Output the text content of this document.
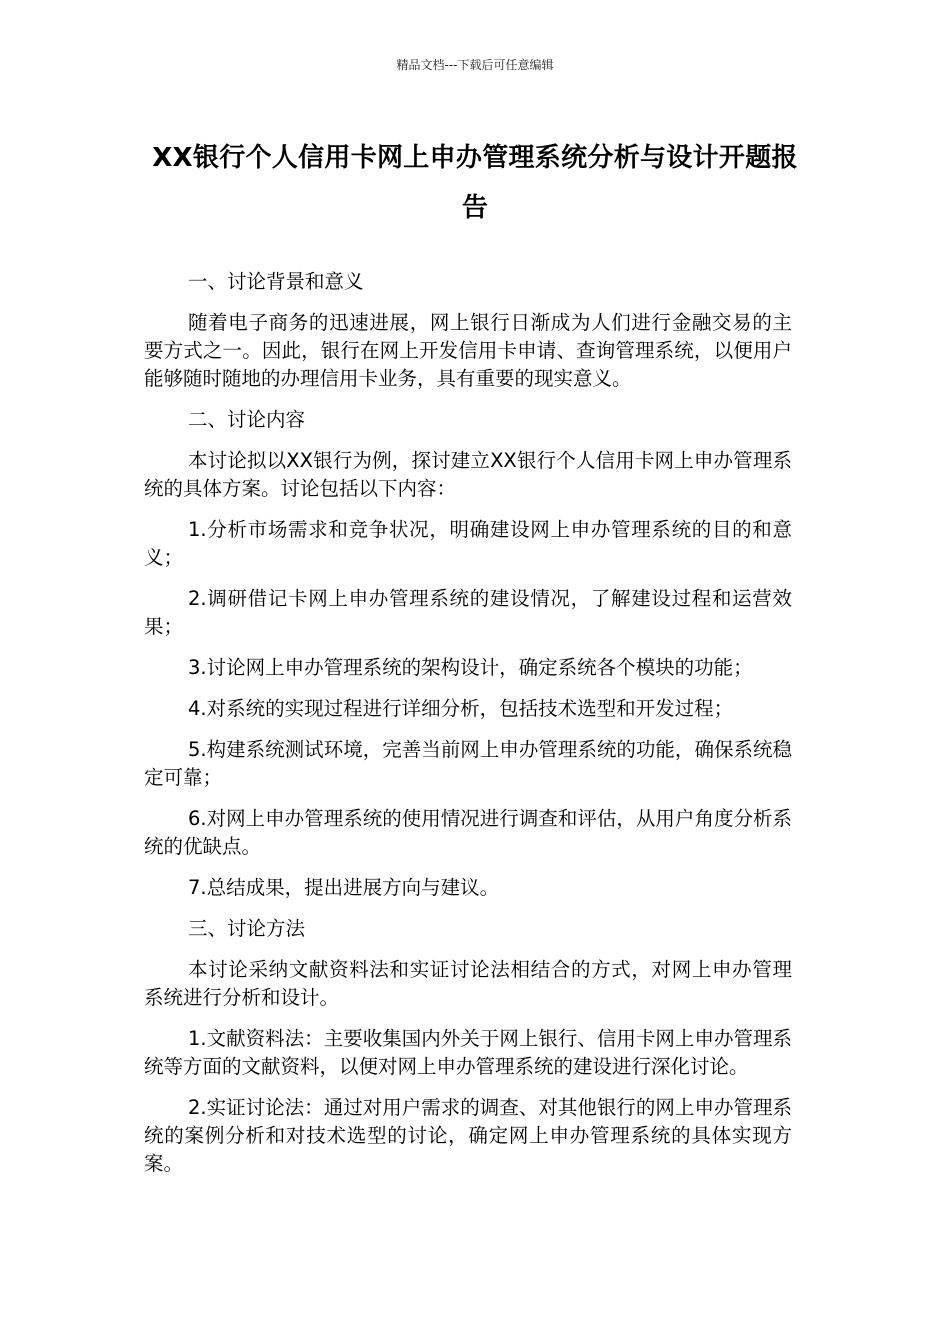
精品文档---下载后可任意编辑
XX银行个人信用卡网上申办管理系统分析与设计开题报告

一、讨论背景和意义

随着电子商务的迅速进展，网上银行日渐成为人们进行金融交易的主要方式之一。因此，银行在网上开发信用卡申请、查询管理系统，以便用户能够随时随地的办理信用卡业务，具有重要的现实意义。

二、讨论内容

本讨论拟以XX银行为例，探讨建立XX银行个人信用卡网上申办管理系统的具体方案。讨论包括以下内容：

1.分析市场需求和竞争状况，明确建设网上申办管理系统的目的和意义；

2.调研借记卡网上申办管理系统的建设情况，了解建设过程和运营效果；

3.讨论网上申办管理系统的架构设计，确定系统各个模块的功能；

4.对系统的实现过程进行详细分析，包括技术选型和开发过程；

5.构建系统测试环境，完善当前网上申办管理系统的功能，确保系统稳定可靠；

6.对网上申办管理系统的使用情况进行调查和评估，从用户角度分析系统的优缺点。

7.总结成果，提出进展方向与建议。

三、讨论方法

本讨论采纳文献资料法和实证讨论法相结合的方式，对网上申办管理系统进行分析和设计。

1.文献资料法：主要收集国内外关于网上银行、信用卡网上申办管理系统等方面的文献资料，以便对网上申办管理系统的建设进行深化讨论。

2.实证讨论法：通过对用户需求的调查、对其他银行的网上申办管理系统的案例分析和对技术选型的讨论，确定网上申办管理系统的具体实现方案。
